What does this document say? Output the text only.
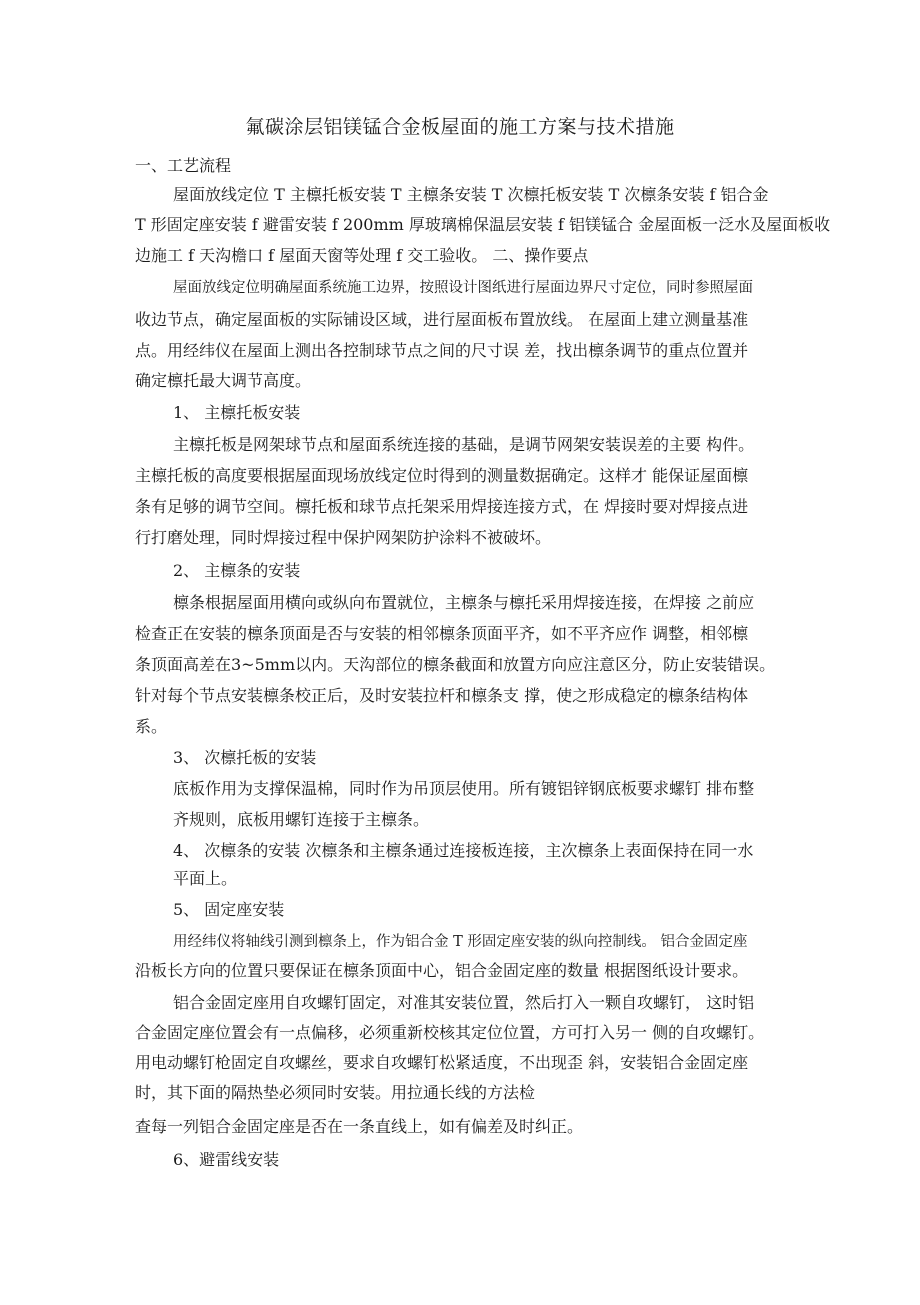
氟碳涂层铝镁锰合金板屋面的施工方案与技术措施
一、工艺流程
屋面放线定位 T 主檩托板安装 T 主檩条安装 T 次檩托板安装 T 次檩条安装 f 铝合金
T 形固定座安装 f 避雷安装 f 200mm 厚玻璃棉保温层安装 f 铝镁锰合 金屋面板一泛水及屋面板收
边施工 f 天沟檐口 f 屋面天窗等处理 f 交工验收。 二、操作要点
屋面放线定位明确屋面系统施工边界，按照设计图纸进行屋面边界尺寸定位，同时参照屋面
收边节点，确定屋面板的实际铺设区域，进行屋面板布置放线。 在屋面上建立测量基准
点。用经纬仪在屋面上测出各控制球节点之间的尺寸误 差，找出檩条调节的重点位置并
确定檩托最大调节高度。
1、 主檩托板安装
主檩托板是网架球节点和屋面系统连接的基础，是调节网架安装误差的主要 构件。
主檩托板的高度要根据屋面现场放线定位时得到的测量数据确定。这样才 能保证屋面檩
条有足够的调节空间。檩托板和球节点托架采用焊接连接方式，在 焊接时要对焊接点进
行打磨处理，同时焊接过程中保护网架防护涂料不被破坏。
2、 主檩条的安装
檩条根据屋面用横向或纵向布置就位，主檩条与檩托采用焊接连接，在焊接 之前应
检查正在安装的檩条顶面是否与安装的相邻檩条顶面平齐，如不平齐应作 调整，相邻檩
条顶面高差在3~5mm以内。天沟部位的檩条截面和放置方向应注意区分，防止安装错误。
针对每个节点安装檩条校正后，及时安装拉杆和檩条支 撑，使之形成稳定的檩条结构体
系。
3、 次檩托板的安装
底板作用为支撑保温棉，同时作为吊顶层使用。所有镀铝锌钢底板要求螺钉 排布整
齐规则，底板用螺钉连接于主檩条。
4、 次檩条的安装 次檩条和主檩条通过连接板连接，主次檩条上表面保持在同一水
平面上。
5、 固定座安装
用经纬仪将轴线引测到檩条上，作为铝合金 T 形固定座安装的纵向控制线。 铝合金固定座
沿板长方向的位置只要保证在檩条顶面中心，铝合金固定座的数量 根据图纸设计要求。
铝合金固定座用自攻螺钉固定，对准其安装位置，然后打入一颗自攻螺钉， 这时铝
合金固定座位置会有一点偏移，必须重新校核其定位位置，方可打入另一 侧的自攻螺钉。
用电动螺钉枪固定自攻螺丝，要求自攻螺钉松紧适度，不出现歪 斜，安装铝合金固定座
时，其下面的隔热垫必须同时安装。用拉通长线的方法检
查每一列铝合金固定座是否在一条直线上，如有偏差及时纠正。
6、避雷线安装
